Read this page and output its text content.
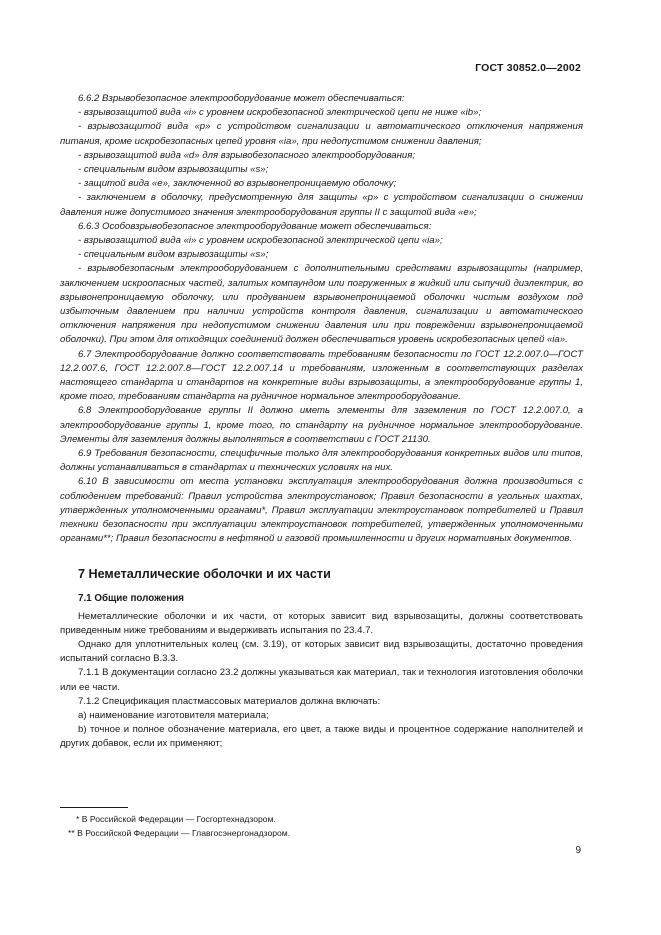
ГОСТ 30852.0—2002

6.6.2 Взрывобезопасное электрооборудование может обеспечиваться:

- взрывозащитой вида «i» с уровнем искробезопасной электрической цепи не ниже «ib»;

- взрывозащитой вида «р» с устройством сигнализации и автоматического отключения напряжения питания, кроме искробезопасных цепей уровня «ia», при недопустимом снижении давления;

- взрывозащитой вида «d» для взрывобезопасного электрооборудования;

- специальным видом взрывозащиты «s»;

- защитой вида «е», заключенной во взрывонепроницаемую оболочку;

- заключением в оболочку, предусмотренную для защиты «р» с устройством сигнализации о снижении давления ниже допустимого значения электрооборудования группы II с защитой вида «е»;

6.6.3 Особовзрывобезопасное электрооборудование может обеспечиваться:

- взрывозащитой вида «i» с уровнем искробезопасной электрической цепи «ia»;

- специальным видом взрывозащиты «s»;

- взрывобезопасным электрооборудованием с дополнительными средствами взрывозащиты (например, заключением искроопасных частей, залитых компаундом или погруженных в жидкий или сыпучий диэлектрик, во взрывонепроницаемую оболочку, или продуванием взрывонепроницаемой оболочки чистым воздухом под избыточным давлением при наличии устройств контроля давления, сигнализации и автоматического отключения напряжения при недопустимом снижении давления или при повреждении взрывонепроницаемой оболочки). При этом для отходящих соединений должен обеспечиваться уровень искробезопасных цепей «ia».

6.7 Электрооборудование должно соответствовать требованиям безопасности по ГОСТ 12.2.007.0—ГОСТ 12.2.007.6, ГОСТ 12.2.007.8—ГОСТ 12.2.007.14 и требованиям, изложенным в соответствующих разделах настоящего стандарта и стандартов на конкретные виды взрывозащиты, а электрооборудование группы 1, кроме того, требованиям стандарта на рудничное нормальное электрооборудование.

6.8 Электрооборудование группы II должно иметь элементы для заземления по ГОСТ 12.2.007.0, а электрооборудование группы 1, кроме того, по стандарту на рудничное нормальное электрооборудование. Элементы для заземления должны выполняться в соответствии с ГОСТ 21130.

6.9 Требования безопасности, специфичные только для электрооборудования конкретных видов или типов, должны устанавливаться в стандартах и технических условиях на них.

6.10 В зависимости от места установки эксплуатация электрооборудования должна производиться с соблюдением требований: Правил устройства электроустановок; Правил безопасности в угольных шахтах, утвержденных уполномоченными органами*, Правил эксплуатации электроустановок потребителей и Правил техники безопасности при эксплуатации электроустановок потребителей, утвержденных уполномоченными органами**; Правил безопасности в нефтяной и газовой промышленности и других нормативных документов.

7 Неметаллические оболочки и их части
7.1 Общие положения

Неметаллические оболочки и их части, от которых зависит вид взрывозащиты, должны соответствовать приведенным ниже требованиям и выдерживать испытания по 23.4.7.

Однако для уплотнительных колец (см. 3.19), от которых зависит вид взрывозащиты, достаточно проведения испытаний согласно В.3.3.

7.1.1 В документации согласно 23.2 должны указываться как материал, так и технология изготовления оболочки или ее части.

7.1.2 Спецификация пластмассовых материалов должна включать:

а) наименование изготовителя материала;

b) точное и полное обозначение материала, его цвет, а также виды и процентное содержание наполнителей и других добавок, если их применяют;

* В Российской Федерации — Госгортехнадзором.

** В Российской Федерации — Главгосэнергонадзором.

9
